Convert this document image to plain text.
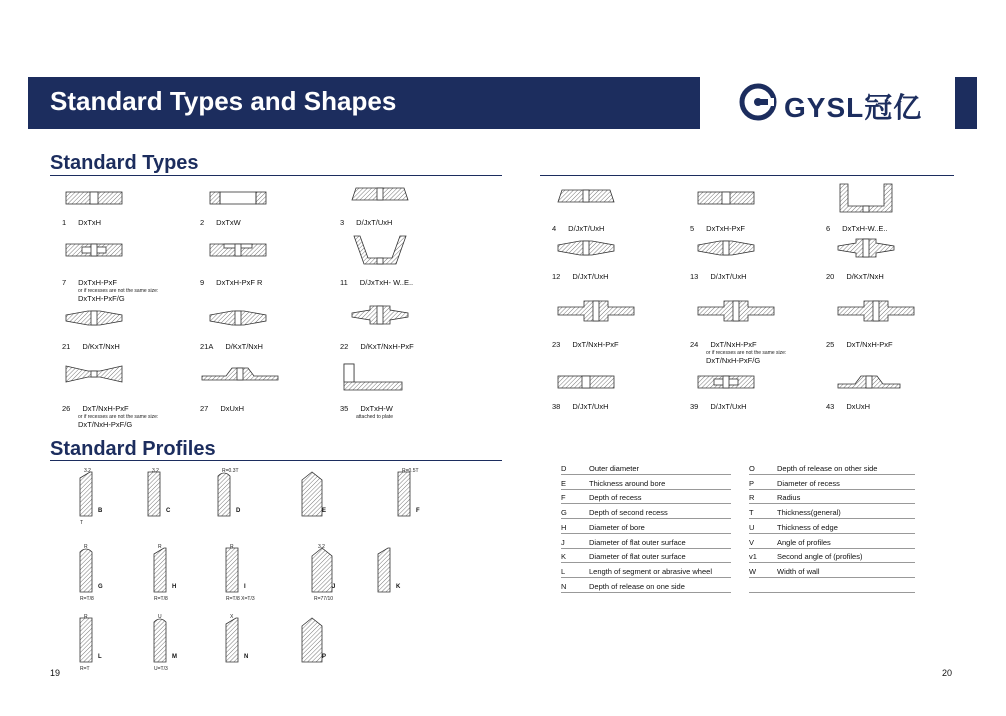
Standard Types and Shapes	GYSL冠亿
Standard Types
Standard Profiles
1 DxTxH	2 DxTxW	3 D/JxT/UxH
7 DxTxH-PxF
or if recesses are not the same size:
DxTxH-PxF/G
9 DxTxH-PxF R	11 D/JxTxH- W..E..
21 D/KxT/NxH	21A D/KxT/NxH	22 D/KxT/NxH-PxF
26 DxT/NxH-PxF
or if recesses are not the same size:
DxT/NxH-PxF/G
27 DxUxH	35 DxTxH-W
attached to plate
4 D/JxT/UxH	5 DxTxH-PxF	6 DxTxH-W..E..
12 D/JxT/UxH	13 D/JxT/UxH	20 D/KxT/NxH
23 DxT/NxH-PxF	24 DxT/NxH-PxF
or if recesses are not the same size:
DxT/NxH-PxF/G
25 DxT/NxH-PxF
38 D/JxT/UxH	39 D/JxT/UxH	43 DxUxH
B
3.2
T
C
3.2
D
R=0.3T
E	F
R=0.5T
G
R
R=T/8
H
R
R=T/8
I
R
R=T/8 X=T/3
J
3.2
R=77/10
K
L
R
R=T
M
U
U=T/3
N
X
P
D	Outer diameter
E	Thickness around bore
F	Depth of recess
G	Depth of second recess
H	Diameter of bore
J	Diameter of flat outer surface
K	Diameter of flat outer surface
L	Length of segment or abrasive wheel
N	Depth of release on one side
O	Depth of release on other side
P	Diameter of recess
R	Radius
T	Thickness(general)
U	Thickness of edge
V	Angle of profiles
v1	Second angle of (profiles)
W	Width of wall
19	20
